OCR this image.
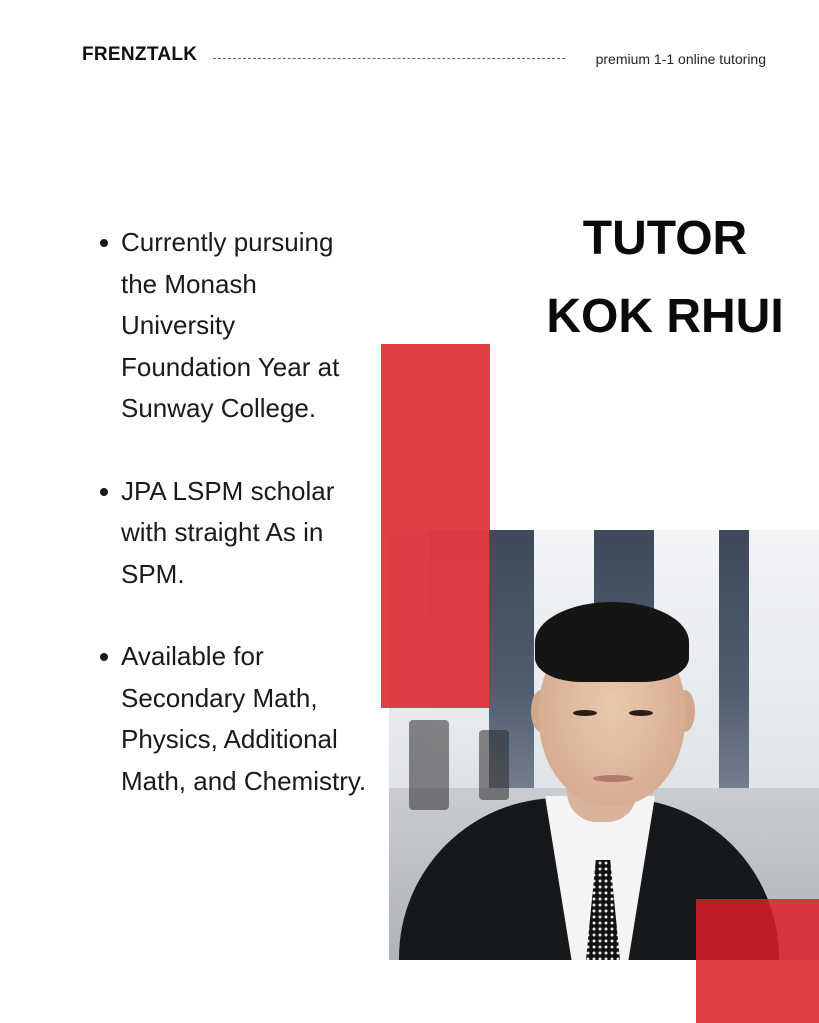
FRENZTALK	premium 1-1 online tutoring
Currently pursuing the Monash University Foundation Year at Sunway College.
JPA LSPM scholar with straight As in SPM.
Available for Secondary Math, Physics, Additional Math, and Chemistry.
TUTOR
KOK RHUI
